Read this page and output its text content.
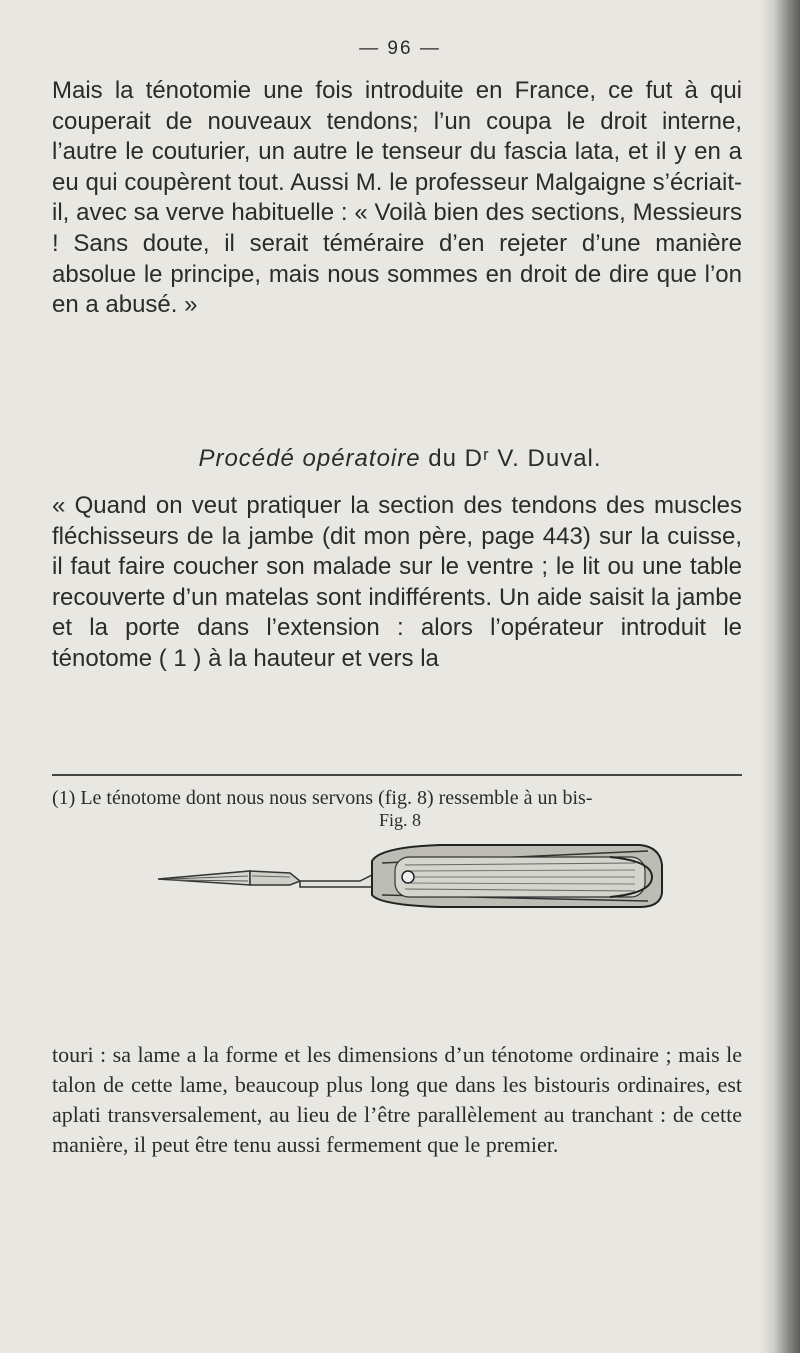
— 96 —
Mais la ténotomie une fois introduite en France, ce fut à qui couperait de nouveaux tendons; l’un coupa le droit interne, l’autre le couturier, un autre le tenseur du fascia lata, et il y en a eu qui coupèrent tout. Aussi M. le professeur Malgaigne s’écriait-il, avec sa verve habituelle : « Voilà bien des sections, Messieurs ! Sans doute, il serait téméraire d’en rejeter d’une manière absolue le principe, mais nous sommes en droit de dire que l’on en a abusé. »
Procédé opératoire du Dʳ V. Duval.
« Quand on veut pratiquer la section des tendons des muscles fléchisseurs de la jambe (dit mon père, page 443) sur la cuisse, il faut faire coucher son malade sur le ventre ; le lit ou une table recouverte d’un matelas sont indifférents. Un aide saisit la jambe et la porte dans l’extension : alors l’opérateur introduit le ténotome ( 1 ) à la hauteur et vers la
(1) Le ténotome dont nous nous servons (fig. 8) ressemble à un bis-
Fig. 8
touri : sa lame a la forme et les dimensions d’un ténotome ordinaire ; mais le talon de cette lame, beaucoup plus long que dans les bistouris ordinaires, est aplati transversalement, au lieu de l’être parallèlement au tranchant : de cette manière, il peut être tenu aussi fermement que le premier.
